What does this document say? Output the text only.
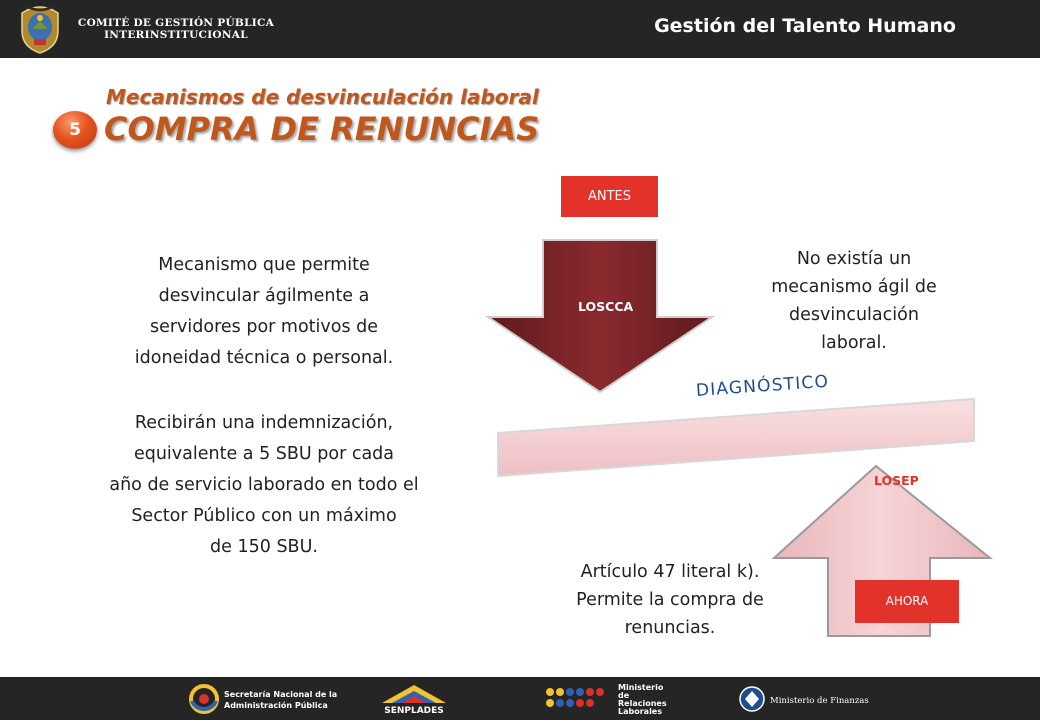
COMITÉ DE GESTIÓN PÚBLICA
INTERINSTITUCIONAL	Gestión del Talento Humano
Mecanismos de desvinculación laboral
5 COMPRA DE RENUNCIAS
Mecanismo que permite
desvincular ágilmente a
servidores por motivos de
idoneidad técnica o personal.
Recibirán una indemnización,
equivalente a 5 SBU por cada
año de servicio laborado en todo el
Sector Público con un máximo
de 150 SBU.
ANTES
LOSCCA
No existía un
mecanismo ágil de
desvinculación
laboral.
DIAGNÓSTICO
LOSEP
AHORA
Artículo 47 literal k).
Permite la compra de
renuncias.
Secretaría Nacional de la
Administración Pública
SENPLADES
Ministerio
de
Relaciones
Laborales
Ministerio de Finanzas
